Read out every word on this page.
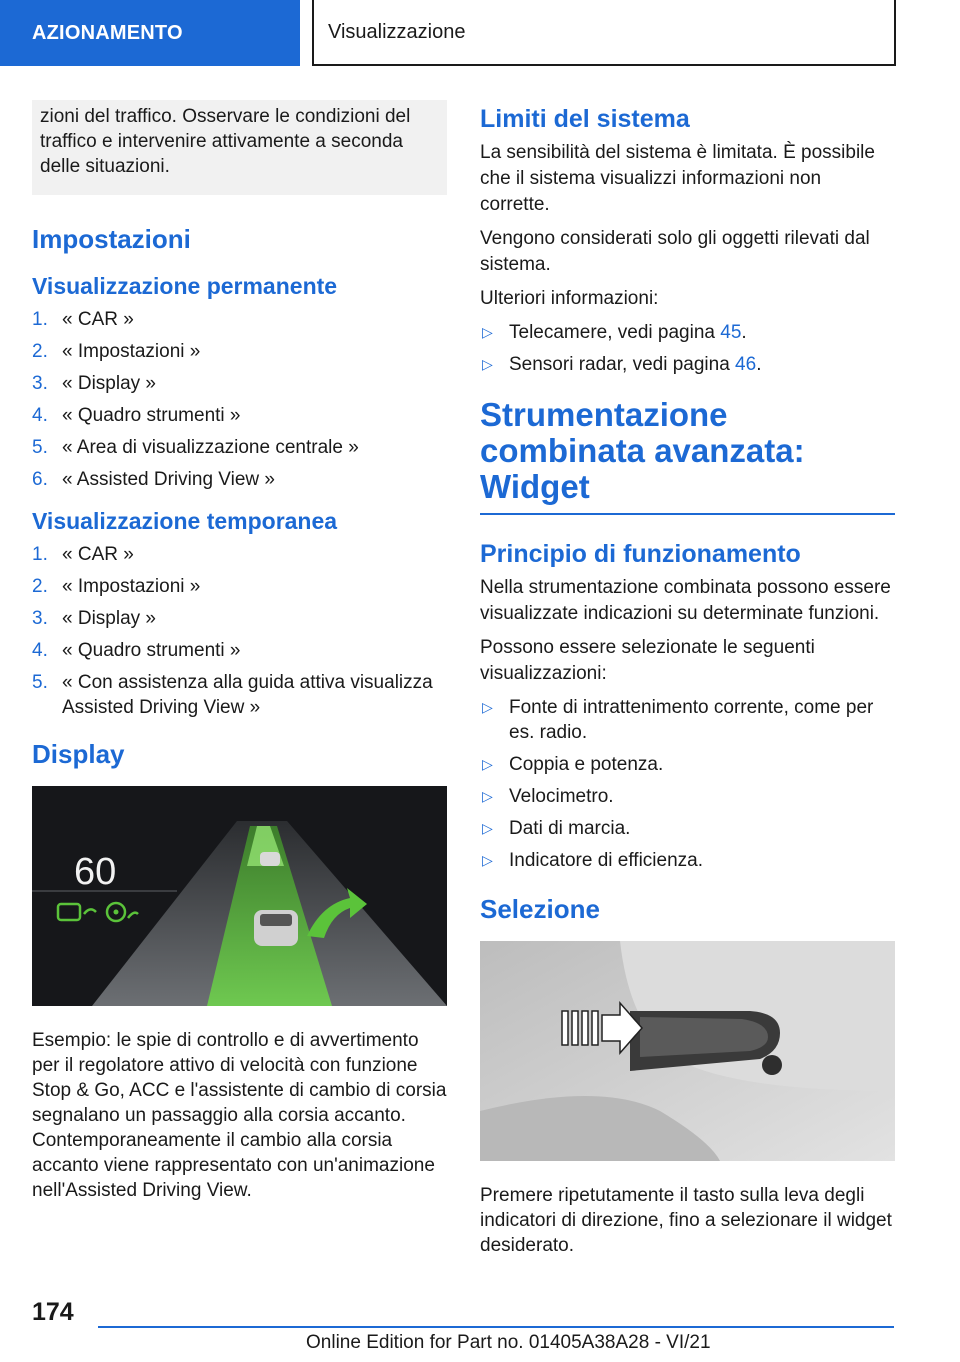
AZIONAMENTO	Visualizzazione
zioni del traffico. Osservare le condizioni del traffico e intervenire attivamente a seconda delle situazioni.
Impostazioni
Visualizzazione permanente
1. « CAR »
2. « Impostazioni »
3. « Display »
4. « Quadro strumenti »
5. « Area di visualizzazione centrale »
6. « Assisted Driving View »
Visualizzazione temporanea
1. « CAR »
2. « Impostazioni »
3. « Display »
4. « Quadro strumenti »
5. « Con assistenza alla guida attiva visualizza Assisted Driving View »
Display
60

Esempio: le spie di controllo e di avvertimento per il regolatore attivo di velocità con funzione Stop & Go, ACC e l'assistente di cambio di corsia segnalano un passaggio alla corsia accanto. Contemporaneamente il cambio alla corsia accanto viene rappresentato con un'animazione nell'Assisted Driving View.

Limiti del sistema

La sensibilità del sistema è limitata. È possibile che il sistema visualizzi informazioni non corrette.

Vengono considerati solo gli oggetti rilevati dal sistema.

Ulteriori informazioni:

▷ Telecamere, vedi pagina 45.
▷ Sensori radar, vedi pagina 46.
Strumentazione combinata avanzata: Widget
Principio di funzionamento

Nella strumentazione combinata possono essere visualizzate indicazioni su determinate funzioni.

Possono essere selezionate le seguenti visualizzazioni:

▷ Fonte di intrattenimento corrente, come per es. radio.
▷ Coppia e potenza.
▷ Velocimetro.
▷ Dati di marcia.
▷ Indicatore di efficienza.
Selezione

Premere ripetutamente il tasto sulla leva degli indicatori di direzione, fino a selezionare il widget desiderato.

174
Online Edition for Part no. 01405A38A28 - VI/21
